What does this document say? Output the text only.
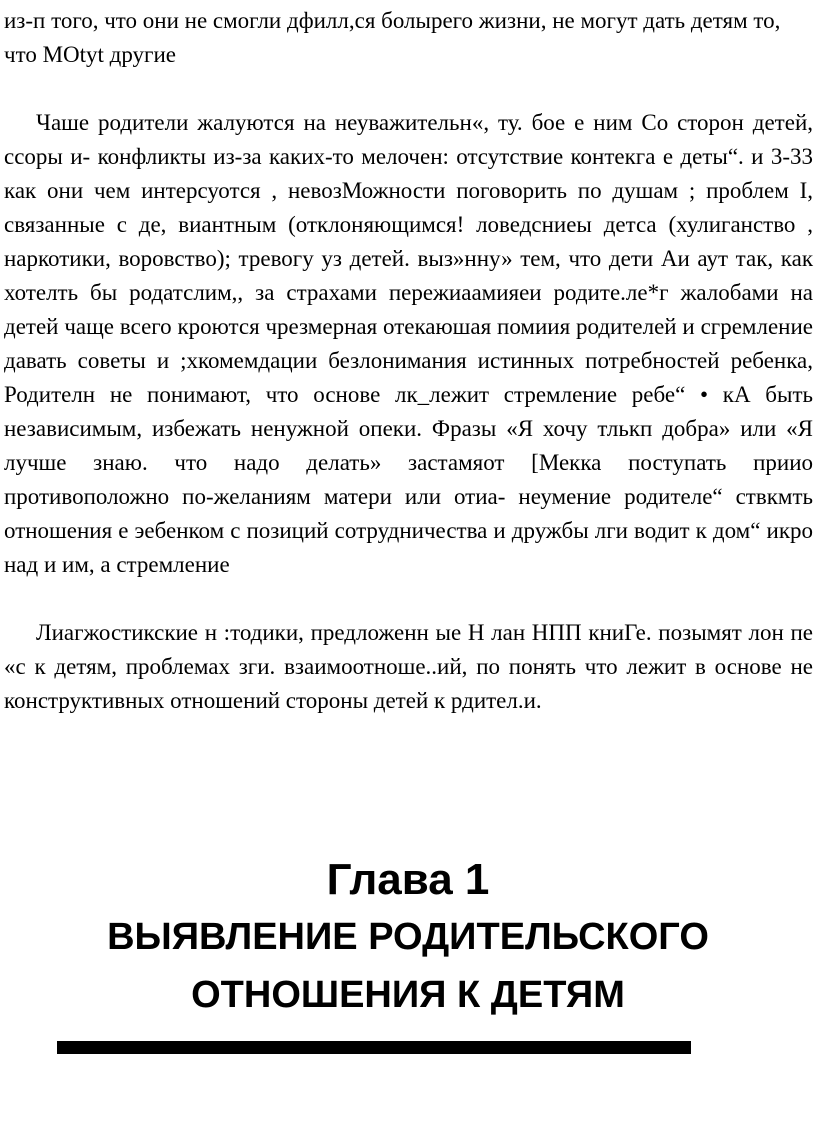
из-п того, что они не смогли дфилл,ся болырего жизни, не могут дать детям то, что МОtyt другие

Чаше родители жалуются на неуважительн«, ту. бое е ним Со сторон детей, ссоры и- конфликты из-за каких-то мелочен: отсутствие контекга е деты“. и 3-33 как они чем интерсуотся , невозМожности поговорить по душам ; проблем I, связанные с де, виантным (отклоняющимся! ловедсниеы детса (хулиганство , наркотики, воровство); тревогу уз детей. выз»нну» тем, что дети Аи аут так, как хотелть бы родатслим,, за страхами пережиаамияеи родите.ле*г жалобами на детей чаще всего кроются чрезмерная отекаюшая помиия родителей и сгремление давать советы и ;хкомемдации безлонимания истинных потребностей ребенка, Родителн не понимают, что основе лк_лежит стремление ребе“ • кА быть независимым, избежать ненужной опеки. Фразы «Я хочу тлькп добра» или «Я лучше знаю. что надо делать» застамяот [Мекка поступать приио противоположно по-желаниям матери или отиа- неумение родителе“ ствкмть отношения е эебенком с позиций сотрудничества и дружбы лги водит к дом“ икро над и им, а стремление

Лиагжостикские н :тодики, предложенн ые Н лан НПП книГе. позымят лон пе «с к детям, проблемах зги. взаимоотноше..ий, по понять что лежит в основе не конструктивных отношений стороны детей к рдител.и.

Глава 1
ВЫЯВЛЕНИЕ РОДИТЕЛЬСКОГО
ОТНОШЕНИЯ К ДЕТЯМ
